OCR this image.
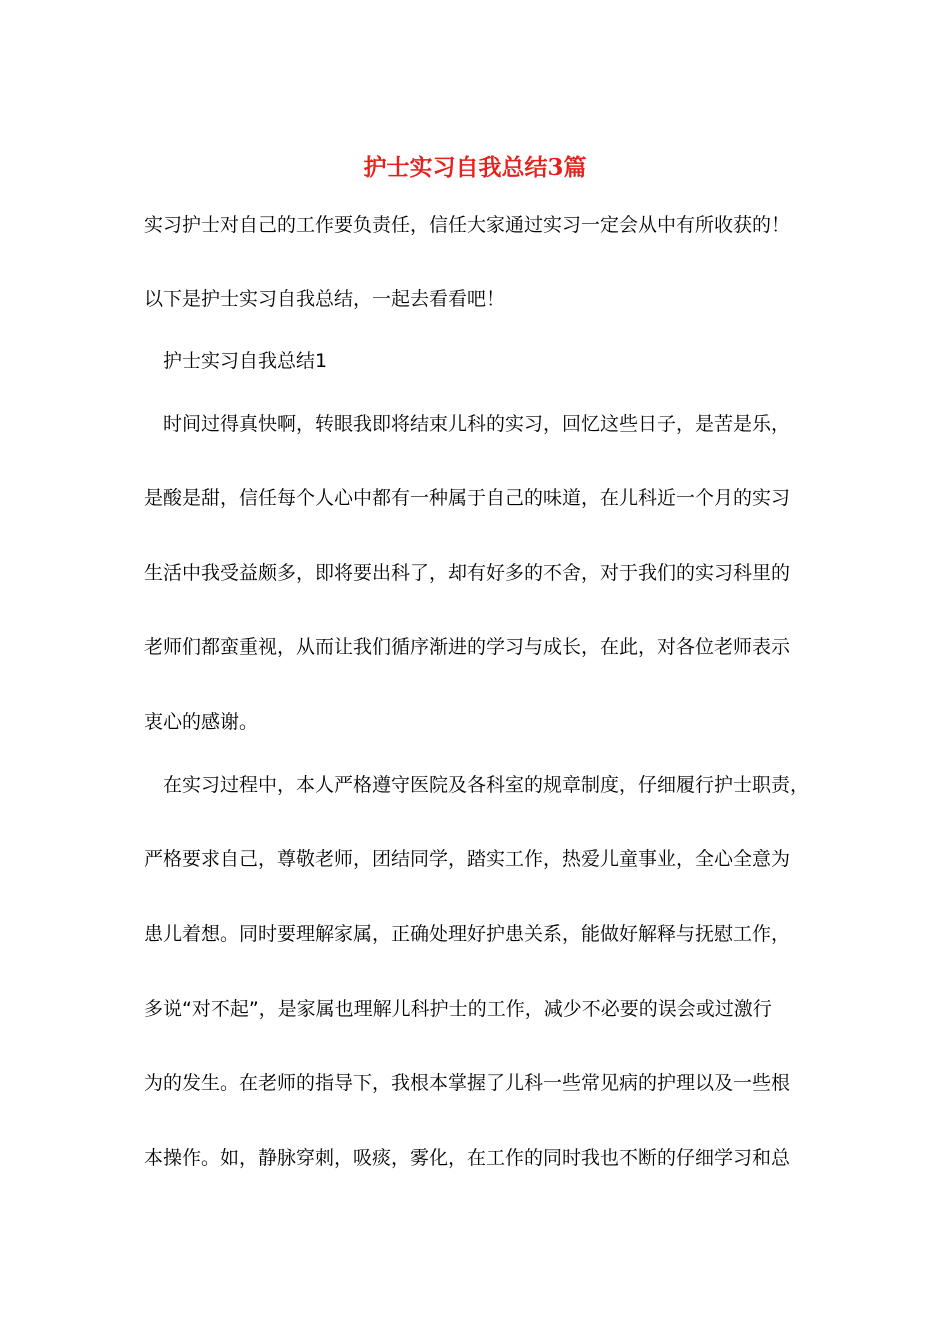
护士实习自我总结3篇
实习护士对自己的工作要负责任，信任大家通过实习一定会从中有所收获的！
以下是护士实习自我总结，一起去看看吧！
护士实习自我总结1
时间过得真快啊，转眼我即将结束儿科的实习，回忆这些日子，是苦是乐，
是酸是甜，信任每个人心中都有一种属于自己的味道，在儿科近一个月的实习
生活中我受益颇多，即将要出科了，却有好多的不舍，对于我们的实习科里的
老师们都蛮重视，从而让我们循序渐进的学习与成长，在此，对各位老师表示
衷心的感谢。
在实习过程中，本人严格遵守医院及各科室的规章制度，仔细履行护士职责，
严格要求自己，尊敬老师，团结同学，踏实工作，热爱儿童事业，全心全意为
患儿着想。同时要理解家属，正确处理好护患关系，能做好解释与抚慰工作，
多说“对不起”，是家属也理解儿科护士的工作，减少不必要的误会或过激行
为的发生。在老师的指导下，我根本掌握了儿科一些常见病的护理以及一些根
本操作。如，静脉穿刺，吸痰，雾化，在工作的同时我也不断的仔细学习和总
